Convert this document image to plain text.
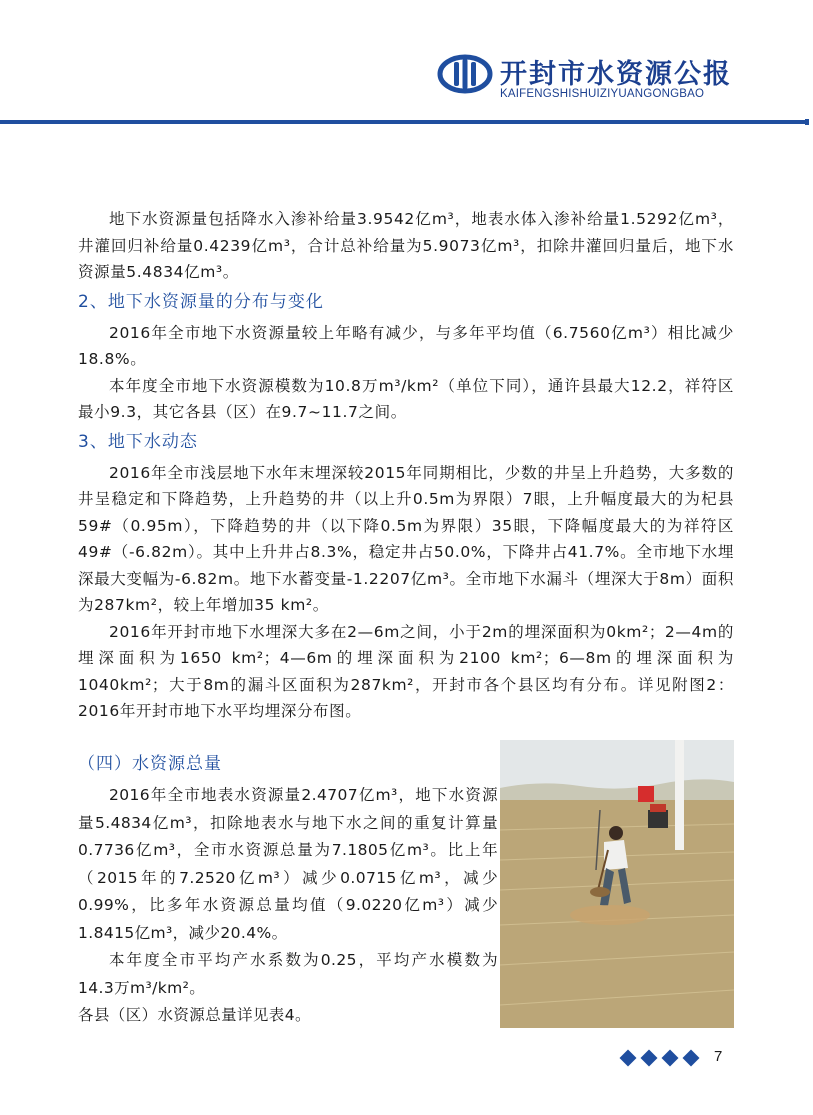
开封市水资源公报
KAIFENGSHISHUIZIYUANGONGBAO

地下水资源量包括降水入渗补给量3.9542亿m³，地表水体入渗补给量1.5292亿m³，井灌回归补给量0.4239亿m³，合计总补给量为5.9073亿m³，扣除井灌回归量后，地下水资源量5.4834亿m³。

2、地下水资源量的分布与变化

2016年全市地下水资源量较上年略有减少，与多年平均值（6.7560亿m³）相比减少18.8%。

本年度全市地下水资源模数为10.8万m³/km²（单位下同），通许县最大12.2，祥符区最小9.3，其它各县（区）在9.7~11.7之间。

3、地下水动态

2016年全市浅层地下水年末埋深较2015年同期相比，少数的井呈上升趋势，大多数的井呈稳定和下降趋势，上升趋势的井（以上升0.5m为界限）7眼，上升幅度最大的为杞县59#（0.95m），下降趋势的井（以下降0.5m为界限）35眼，下降幅度最大的为祥符区49#（-6.82m）。其中上升井占8.3%，稳定井占50.0%，下降井占41.7%。全市地下水埋深最大变幅为-6.82m。地下水蓄变量-1.2207亿m³。全市地下水漏斗（埋深大于8m）面积为287km²，较上年增加35 km²。

2016年开封市地下水埋深大多在2—6m之间，小于2m的埋深面积为0km²；2—4m的埋深面积为1650 km²；4—6m的埋深面积为2100 km²；6—8m的埋深面积为1040km²；大于8m的漏斗区面积为287km²，开封市各个县区均有分布。详见附图2：2016年开封市地下水平均埋深分布图。

（四）水资源总量

2016年全市地表水资源量2.4707亿m³，地下水资源量5.4834亿m³，扣除地表水与地下水之间的重复计算量0.7736亿m³，全市水资源总量为7.1805亿m³。比上年（2015年的7.2520亿m³）减少0.0715亿m³，减少0.99%，比多年水资源总量均值（9.0220亿m³）减少1.8415亿m³，减少20.4%。

本年度全市平均产水系数为0.25，平均产水模数为14.3万m³/km²。

各县（区）水资源总量详见表4。

7
